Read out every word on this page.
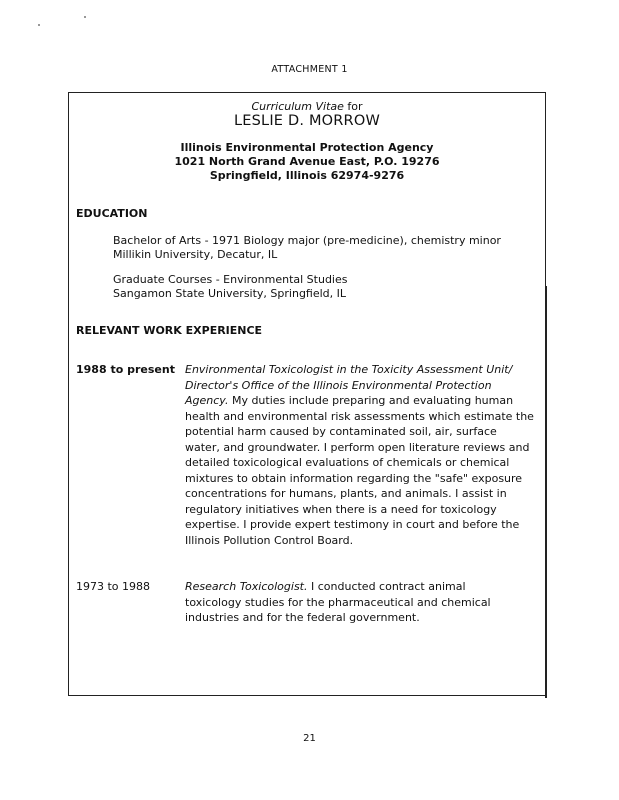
ATTACHMENT 1
Curriculum Vitae for
LESLIE D. MORROW
Illinois Environmental Protection Agency
1021 North Grand Avenue East, P.O. 19276
Springfield, Illinois 62974-9276
EDUCATION
Bachelor of Arts - 1971 Biology major (pre-medicine), chemistry minor
Millikin University, Decatur, IL
Graduate Courses - Environmental Studies
Sangamon State University, Springfield, IL
RELEVANT WORK EXPERIENCE
1988 to present Environmental Toxicologist in the Toxicity Assessment Unit/ Director's Office of the Illinois Environmental Protection Agency. My duties include preparing and evaluating human health and environmental risk assessments which estimate the potential harm caused by contaminated soil, air, surface water, and groundwater. I perform open literature reviews and detailed toxicological evaluations of chemicals or chemical mixtures to obtain information regarding the "safe" exposure concentrations for humans, plants, and animals. I assist in regulatory initiatives when there is a need for toxicology expertise. I provide expert testimony in court and before the Illinois Pollution Control Board.
1973 to 1988	Research Toxicologist. I conducted contract animal toxicology studies for the pharmaceutical and chemical industries and for the federal government.
21
